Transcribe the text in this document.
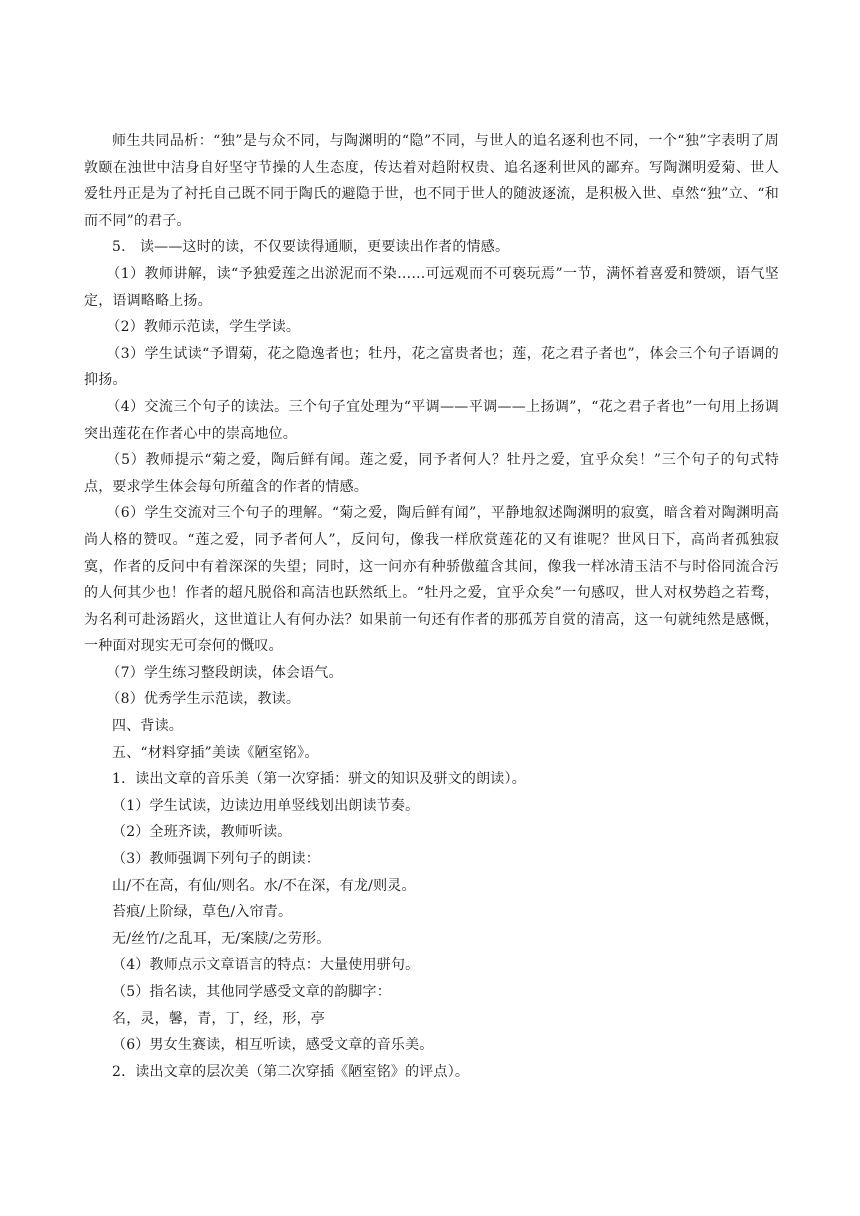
师生共同品析：“独”是与众不同，与陶渊明的“隐”不同，与世人的追名逐利也不同，一个“独”字表明了周敦颐在浊世中洁身自好坚守节操的人生态度，传达着对趋附权贵、追名逐利世风的鄙弃。写陶渊明爱菊、世人爱牡丹正是为了衬托自己既不同于陶氏的避隐于世，也不同于世人的随波逐流，是积极入世、卓然“独”立、“和而不同”的君子。

5.　读——这时的读，不仅要读得通顺，更要读出作者的情感。

（1）教师讲解，读“予独爱莲之出淤泥而不染……可远观而不可亵玩焉”一节，满怀着喜爱和赞颂，语气坚定，语调略略上扬。

（2）教师示范读，学生学读。

（3）学生试读“予谓菊，花之隐逸者也；牡丹，花之富贵者也；莲，花之君子者也”，体会三个句子语调的抑扬。

（4）交流三个句子的读法。三个句子宜处理为“平调——平调——上扬调”，“花之君子者也”一句用上扬调突出莲花在作者心中的崇高地位。

（5）教师提示“菊之爱，陶后鲜有闻。莲之爱，同予者何人？牡丹之爱，宜乎众矣！”三个句子的句式特点，要求学生体会每句所蕴含的作者的情感。

（6）学生交流对三个句子的理解。“菊之爱，陶后鲜有闻”，平静地叙述陶渊明的寂寞，暗含着对陶渊明高尚人格的赞叹。“莲之爱，同予者何人”，反问句，像我一样欣赏莲花的又有谁呢？世风日下，高尚者孤独寂寞，作者的反问中有着深深的失望；同时，这一问亦有种骄傲蕴含其间，像我一样冰清玉洁不与时俗同流合污的人何其少也！作者的超凡脱俗和高洁也跃然纸上。“牡丹之爱，宜乎众矣”一句感叹，世人对权势趋之若骛，为名利可赴汤蹈火，这世道让人有何办法？如果前一句还有作者的那孤芳自赏的清高，这一句就纯然是感慨，一种面对现实无可奈何的慨叹。

（7）学生练习整段朗读，体会语气。

（8）优秀学生示范读，教读。

四、背读。

五、“材料穿插”美读《陋室铭》。

1．读出文章的音乐美（第一次穿插：骈文的知识及骈文的朗读）。

（1）学生试读，边读边用单竖线划出朗读节奏。

（2）全班齐读，教师听读。

（3）教师强调下列句子的朗读：

山/不在高，有仙/则名。水/不在深，有龙/则灵。

苔痕/上阶绿，草色/入帘青。

无/丝竹/之乱耳，无/案牍/之劳形。

（4）教师点示文章语言的特点：大量使用骈句。

（5）指名读，其他同学感受文章的韵脚字：

名，灵，馨，青，丁，经，形，亭

（6）男女生赛读，相互听读，感受文章的音乐美。

2．读出文章的层次美（第二次穿插《陋室铭》的评点）。
